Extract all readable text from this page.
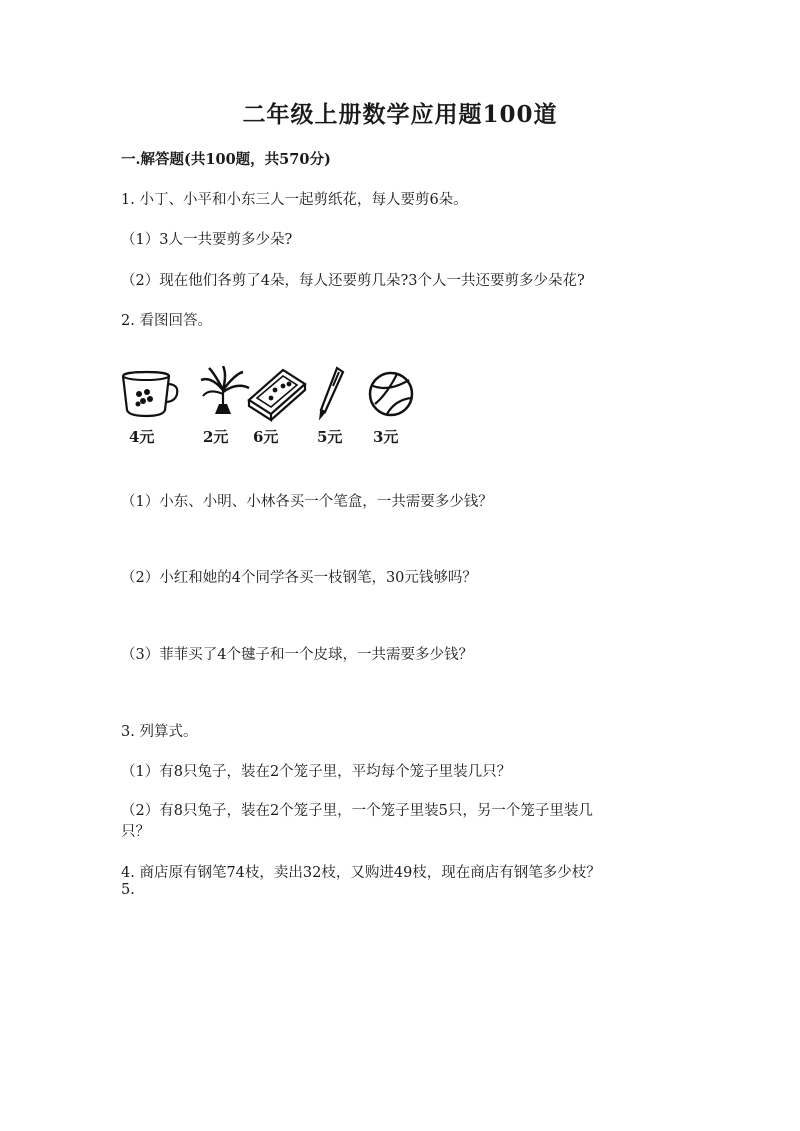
二年级上册数学应用题100道
一.解答题(共100题，共570分)
1. 小丁、小平和小东三人一起剪纸花，每人要剪6朵。
（1）3人一共要剪多少朵?
（2）现在他们各剪了4朵，每人还要剪几朵?3个人一共还要剪多少朵花?
2. 看图回答。
4元	2元 6元	5元 3元
（1）小东、小明、小林各买一个笔盒，一共需要多少钱？
（2）小红和她的4个同学各买一枝钢笔，30元钱够吗？
（3）菲菲买了4个毽子和一个皮球，一共需要多少钱？
3. 列算式。
（1）有8只兔子，装在2个笼子里，平均每个笼子里装几只？
（2）有8只兔子，装在2个笼子里，一个笼子里装5只，另一个笼子里装几
只？
4. 商店原有钢笔74枝，卖出32枝，又购进49枝，现在商店有钢笔多少枝？
5.
